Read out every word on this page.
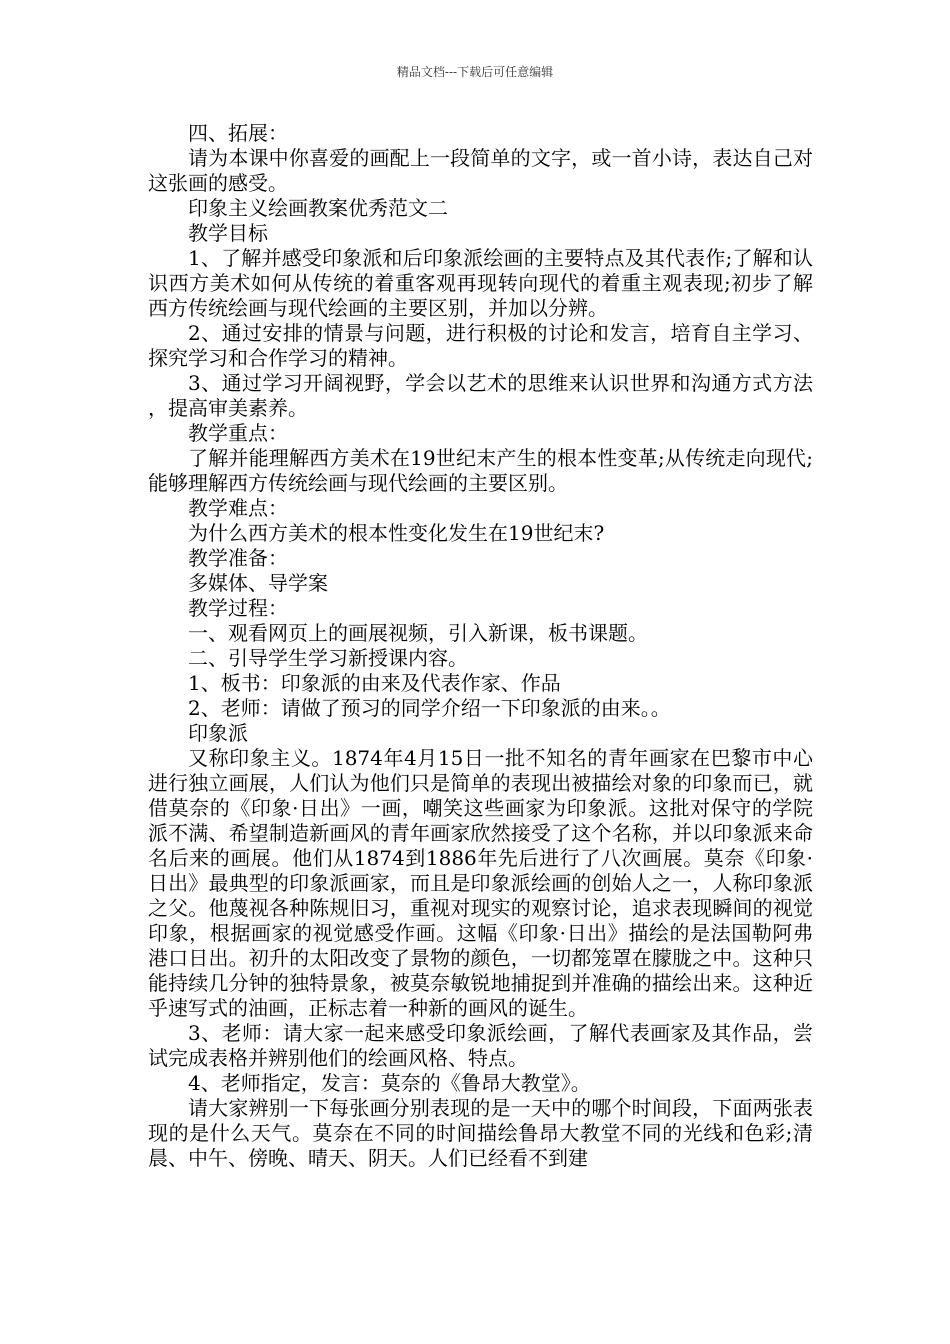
精品文档---下载后可任意编辑

四、拓展：

请为本课中你喜爱的画配上一段简单的文字，或一首小诗，表达自己对这张画的感受。

印象主义绘画教案优秀范文二

教学目标

1、了解并感受印象派和后印象派绘画的主要特点及其代表作;了解和认识西方美术如何从传统的着重客观再现转向现代的着重主观表现;初步了解西方传统绘画与现代绘画的主要区别，并加以分辨。

2、通过安排的情景与问题，进行积极的讨论和发言，培育自主学习、探究学习和合作学习的精神。

3、通过学习开阔视野，学会以艺术的思维来认识世界和沟通方式方法，提高审美素养。

教学重点：

了解并能理解西方美术在19世纪末产生的根本性变革;从传统走向现代;能够理解西方传统绘画与现代绘画的主要区别。

教学难点：

为什么西方美术的根本性变化发生在19世纪末?

教学准备：

多媒体、导学案

教学过程：

一、观看网页上的画展视频，引入新课，板书课题。

二、引导学生学习新授课内容。

1、板书：印象派的由来及代表作家、作品

2、老师：请做了预习的同学介绍一下印象派的由来。。

印象派

又称印象主义。1874年4月15日一批不知名的青年画家在巴黎市中心进行独立画展，人们认为他们只是简单的表现出被描绘对象的印象而已，就借莫奈的《印象·日出》一画，嘲笑这些画家为印象派。这批对保守的学院派不满、希望制造新画风的青年画家欣然接受了这个名称，并以印象派来命名后来的画展。他们从1874到1886年先后进行了八次画展。莫奈《印象·日出》最典型的印象派画家，而且是印象派绘画的创始人之一，人称印象派之父。他蔑视各种陈规旧习，重视对现实的观察讨论，追求表现瞬间的视觉印象，根据画家的视觉感受作画。这幅《印象·日出》描绘的是法国勒阿弗港口日出。初升的太阳改变了景物的颜色，一切都笼罩在朦胧之中。这种只能持续几分钟的独特景象，被莫奈敏锐地捕捉到并准确的描绘出来。这种近乎速写式的油画，正标志着一种新的画风的诞生。

3、老师：请大家一起来感受印象派绘画，了解代表画家及其作品，尝试完成表格并辨别他们的绘画风格、特点。

4、老师指定，发言：莫奈的《鲁昂大教堂》。

请大家辨别一下每张画分别表现的是一天中的哪个时间段，下面两张表现的是什么天气。莫奈在不同的时间描绘鲁昂大教堂不同的光线和色彩;清晨、中午、傍晚、晴天、阴天。人们已经看不到建
